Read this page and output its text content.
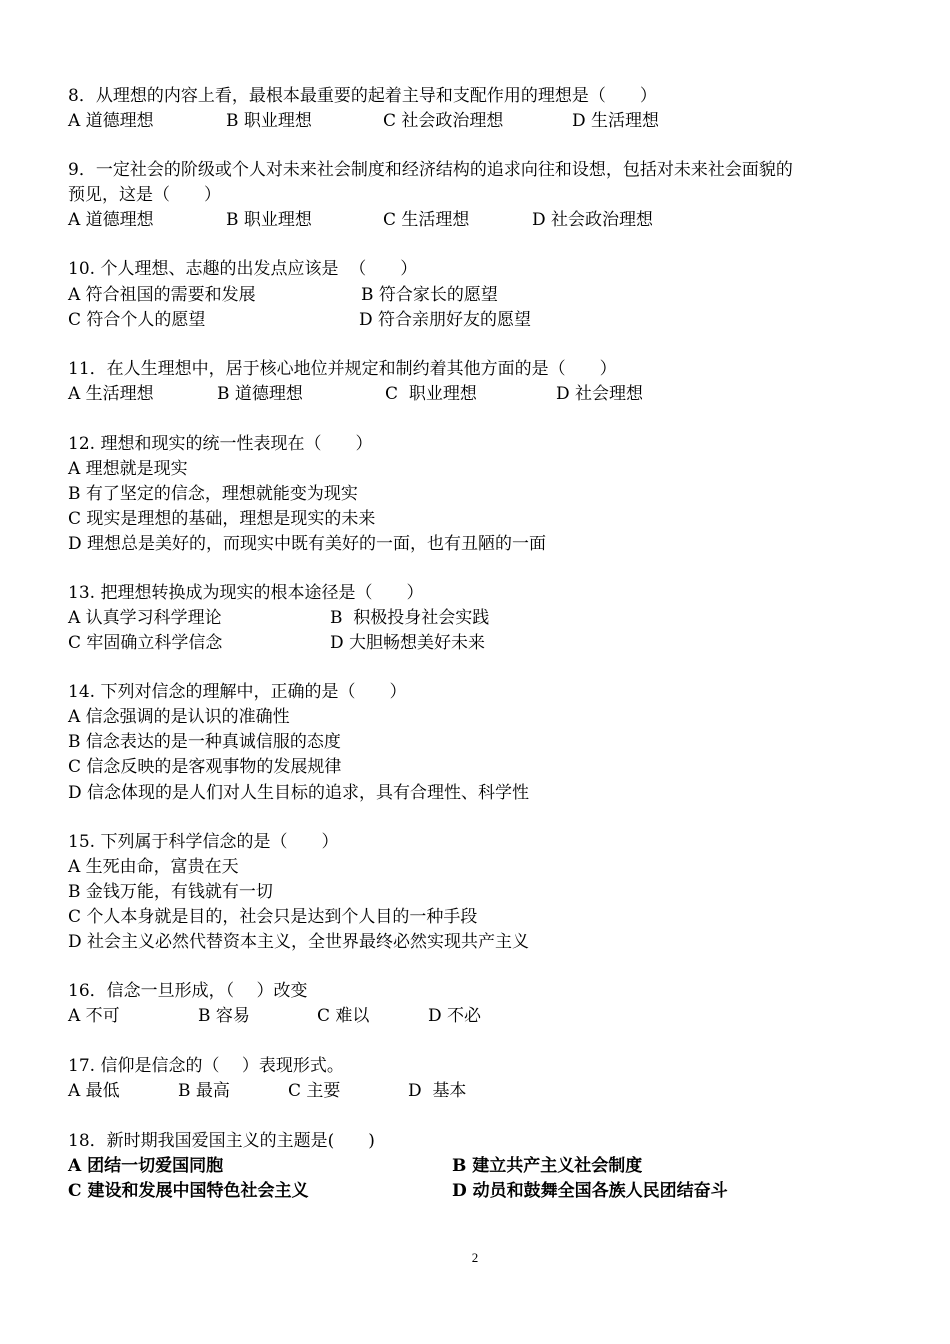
8．从理想的内容上看，最根本最重要的起着主导和支配作用的理想是（　　）
A 道德理想	B 职业理想	C 社会政治理想	D 生活理想
9．一定社会的阶级或个人对未来社会制度和经济结构的追求向往和设想，包括对未来社会面貌的
预见，这是（　　）
A 道德理想	B 职业理想	C 生活理想	D 社会政治理想
10. 个人理想、志趣的出发点应该是  （　　）
A 符合祖国的需要和发展	B 符合家长的愿望
C 符合个人的愿望	D 符合亲朋好友的愿望
11．在人生理想中，居于核心地位并规定和制约着其他方面的是（　　）
A 生活理想	B 道德理想	C  职业理想	D 社会理想
12. 理想和现实的统一性表现在（　　）
A 理想就是现实
B 有了坚定的信念，理想就能变为现实
C 现实是理想的基础，理想是现实的未来
D 理想总是美好的，而现实中既有美好的一面，也有丑陋的一面
13. 把理想转换成为现实的根本途径是（　　）
A 认真学习科学理论	B  积极投身社会实践
C 牢固确立科学信念	D 大胆畅想美好未来
14. 下列对信念的理解中，正确的是（　　）
A 信念强调的是认识的准确性
B 信念表达的是一种真诚信服的态度
C 信念反映的是客观事物的发展规律
D 信念体现的是人们对人生目标的追求，具有合理性、科学性
15. 下列属于科学信念的是（　　）
A 生死由命，富贵在天
B 金钱万能，有钱就有一切
C 个人本身就是目的，社会只是达到个人目的一种手段
D 社会主义必然代替资本主义，全世界最终必然实现共产主义
16．信念一旦形成，（　 ）改变
A 不可	B 容易	C 难以	D 不必
17. 信仰是信念的（　 ）表现形式。
A 最低	B 最高	C 主要	D  基本
18．新时期我国爱国主义的主题是(　　)
A 团结一切爱国同胞	B 建立共产主义社会制度
C 建设和发展中国特色社会主义	D 动员和鼓舞全国各族人民团结奋斗
2
